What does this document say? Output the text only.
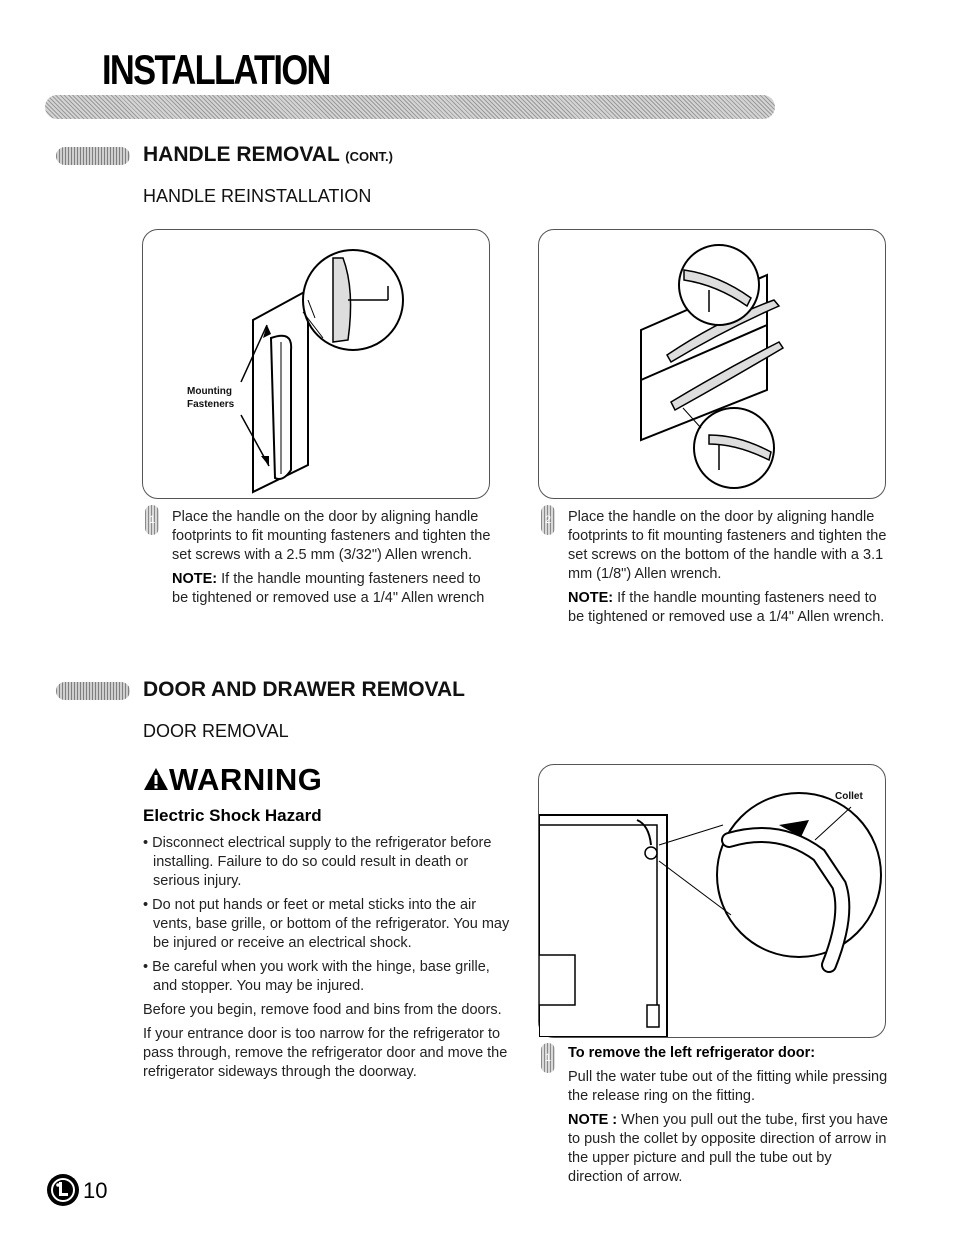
INSTALLATION
HANDLE REMOVAL (CONT.)
HANDLE REINSTALLATION
Mounting Fasteners
1 Place the handle on the door by aligning handle footprints to fit mounting fasteners and tighten the set screws with a 2.5 mm (3/32") Allen wrench.

NOTE: If the handle mounting fasteners need to be tightened or removed use a 1/4" Allen wrench

2 Place the handle on the door by aligning handle footprints to fit mounting fasteners and tighten the set screws on the bottom of the handle with a 3.1 mm (1/8") Allen wrench.

NOTE: If the handle mounting fasteners need to be tightened or removed use a 1/4" Allen wrench.

DOOR AND DRAWER REMOVAL
DOOR REMOVAL
WARNING
Electric Shock Hazard
• Disconnect electrical supply to the refrigerator before installing. Failure to do so could result in death or serious injury.
• Do not put hands or feet or metal sticks into the air vents, base grille, or bottom of the refrigerator. You may be injured or receive an electrical shock.
• Be careful when you work with the hinge, base grille, and stopper. You may be injured.

Before you begin, remove food and bins from the doors.

If your entrance door is too narrow for the refrigerator to pass through, remove the refrigerator door and move the refrigerator sideways through the doorway.

Collet
1 To remove the left refrigerator door:

Pull the water tube out of the fitting while pressing the release ring on the fitting.

NOTE : When you pull out the tube, first you have to push the collet by opposite direction of arrow in the upper picture and pull the tube out by direction of arrow.

10
